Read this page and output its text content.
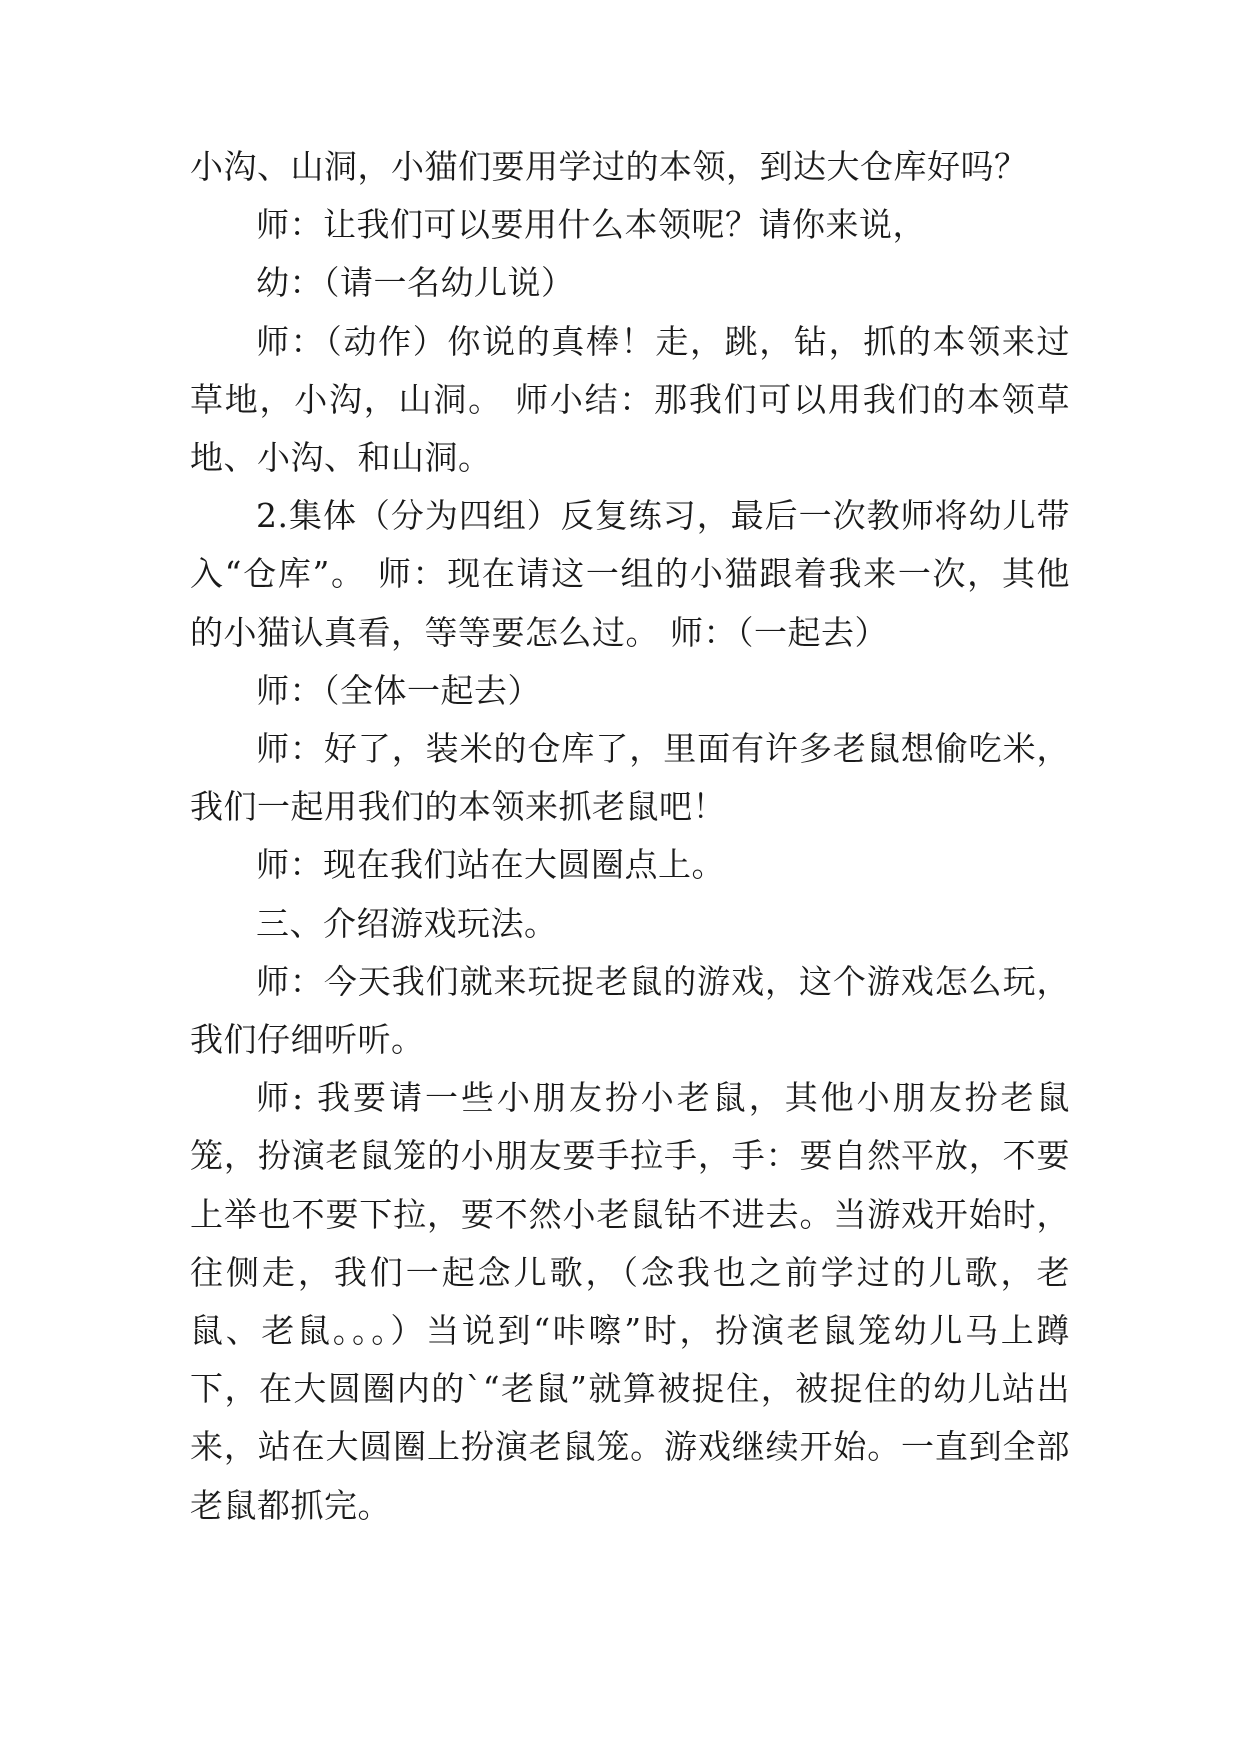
小沟、山洞，小猫们要用学过的本领，到达大仓库好吗？

师：让我们可以要用什么本领呢？请你来说，

幼：（请一名幼儿说）

师：（动作）你说的真棒！走，跳，钻，抓的本领来过草地，小沟，山洞。 师小结：那我们可以用我们的本领草地、小沟、和山洞。

2.集体（分为四组）反复练习，最后一次教师将幼儿带入“仓库”。 师：现在请这一组的小猫跟着我来一次，其他的小猫认真看，等等要怎么过。 师：（一起去）

师：（全体一起去）

师：好了，装米的仓库了，里面有许多老鼠想偷吃米，我们一起用我们的本领来抓老鼠吧！

师：现在我们站在大圆圈点上。

三、介绍游戏玩法。

师：今天我们就来玩捉老鼠的游戏，这个游戏怎么玩，我们仔细听听。

师: 我要请一些小朋友扮小老鼠，其他小朋友扮老鼠笼，扮演老鼠笼的小朋友要手拉手，手：要自然平放，不要上举也不要下拉，要不然小老鼠钻不进去。当游戏开始时，往侧走，我们一起念儿歌，（念我也之前学过的儿歌，老鼠、老鼠。。。）当说到“咔嚓”时，扮演老鼠笼幼儿马上蹲下，在大圆圈内的`“老鼠”就算被捉住，被捉住的幼儿站出来，站在大圆圈上扮演老鼠笼。游戏继续开始。一直到全部老鼠都抓完。
